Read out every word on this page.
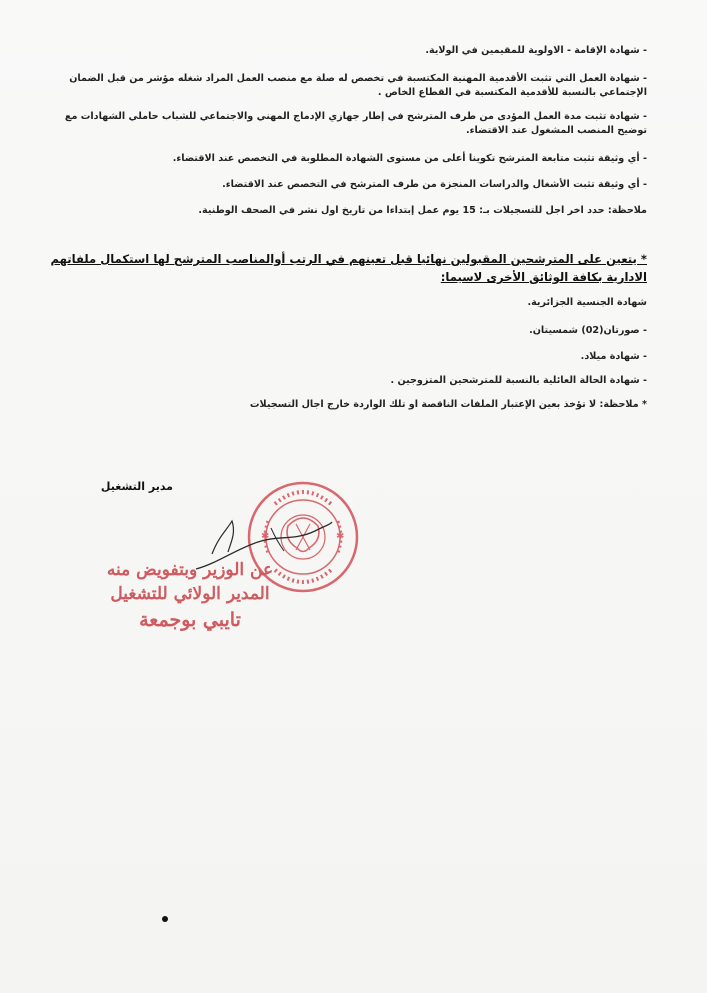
- شهادة الإقامة - الاولوية للمقيمين في الولاية.
- شهادة العمل التي تثبت الأقدمية المهنية المكتسبة في تخصص له صلة مع منصب العمل المراد شغله مؤشر من قبل الضمان الإجتماعي بالنسبة للأقدمية المكتسبة في القطاع الخاص .
- شهادة تثبت مدة العمل المؤدى من طرف المترشح في إطار جهازي الإدماج المهني والاجتماعي للشباب حاملي الشهادات مع توضيح المنصب المشغول عند الاقتضاء.
- أي وثيقة تثبت متابعة المترشح تكوينا أعلى من مستوى الشهادة المطلوبة في التخصص عند الاقتضاء.
- أي وثيقة تثبت الأشغال والدراسات المنجزة من طرف المترشح في التخصص عند الاقتضاء.
ملاحظة: حدد اخر اجل للتسجيلات بـ: 15 يوم عمل إبتداءا من تاريخ اول نشر في الصحف الوطنية.
* يتعين على المترشحين المقبولين نهائيا قبل تعينهم في الرتب أوالمناصب المترشح لها استكمال ملفاتهم الادارية بكافة الوثائق الأخرى لاسيما:
شهادة الجنسية الجزائرية.
- صورتان(02) شمسيتان.
- شهادة ميلاد.
- شهادة الحالة العائلية بالنسبة للمترشحين المتزوجين .
* ملاحظة: لا تؤخذ بعين الإعتبار الملفات الناقصة او تلك الواردة خارج اجال التسجيلات
مدير التشغيل
✱	✱
عن الوزير وبتفويض منه
المدير الولائي للتشغيل
تايبي بوجمعة
